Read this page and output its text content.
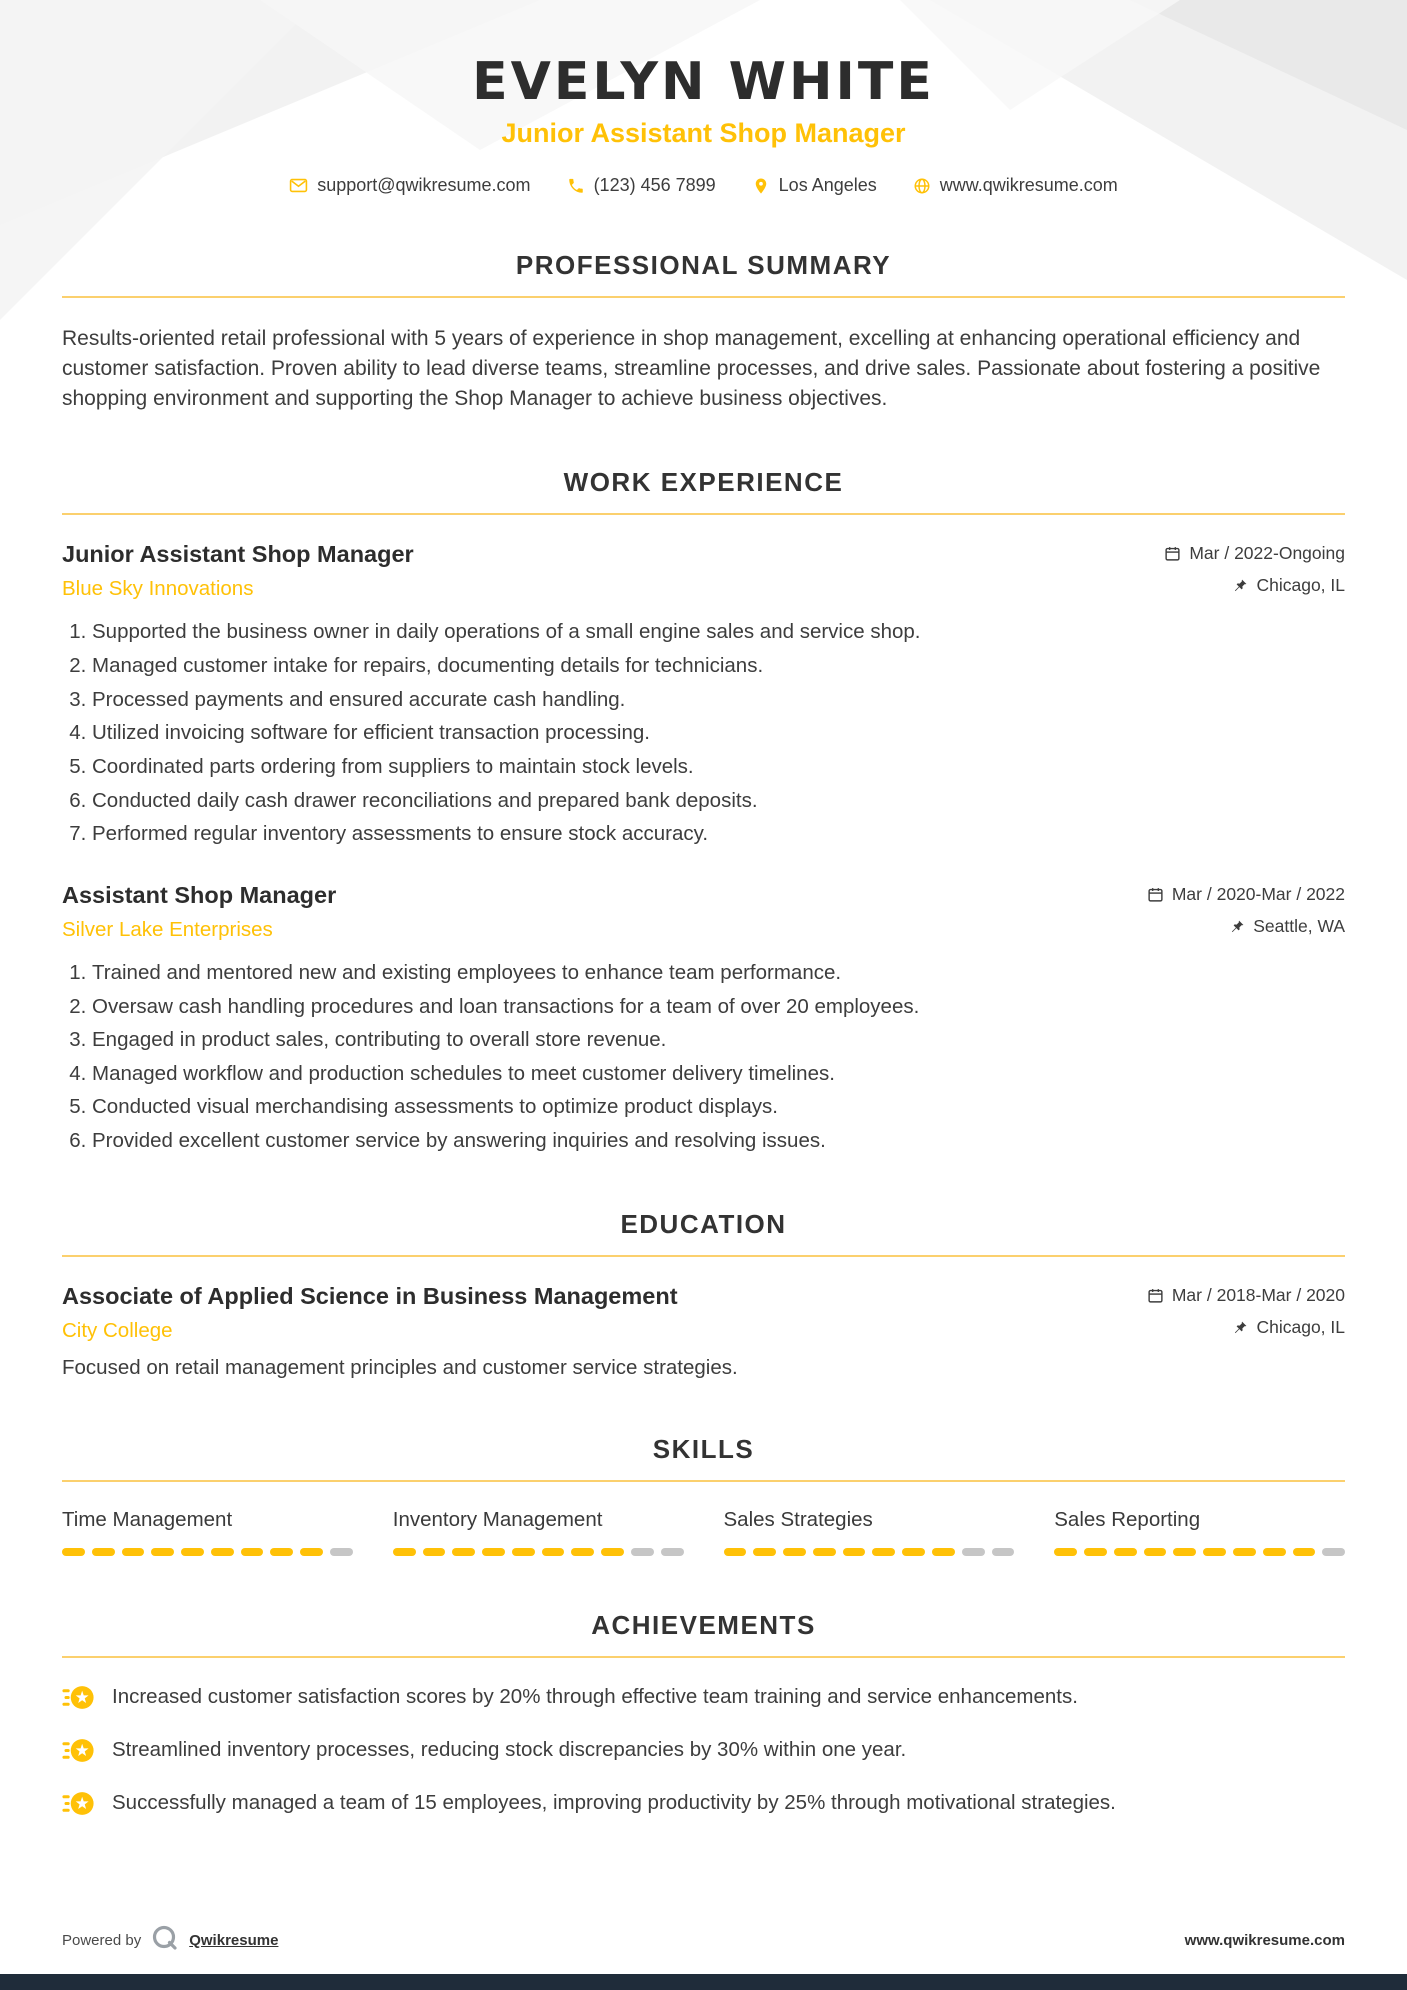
EVELYN WHITE
Junior Assistant Shop Manager
support@qwikresume.com	(123) 456 7899	Los Angeles	www.qwikresume.com
PROFESSIONAL SUMMARY

Results-oriented retail professional with 5 years of experience in shop management, excelling at enhancing operational efficiency and customer satisfaction. Proven ability to lead diverse teams, streamline processes, and drive sales. Passionate about fostering a positive shopping environment and supporting the Shop Manager to achieve business objectives.

WORK EXPERIENCE
Junior Assistant Shop Manager
Blue Sky Innovations
Mar / 2022-Ongoing
Chicago, IL
1. Supported the business owner in daily operations of a small engine sales and service shop.
2. Managed customer intake for repairs, documenting details for technicians.
3. Processed payments and ensured accurate cash handling.
4. Utilized invoicing software for efficient transaction processing.
5. Coordinated parts ordering from suppliers to maintain stock levels.
6. Conducted daily cash drawer reconciliations and prepared bank deposits.
7. Performed regular inventory assessments to ensure stock accuracy.
Assistant Shop Manager
Silver Lake Enterprises
Mar / 2020-Mar / 2022
Seattle, WA
1. Trained and mentored new and existing employees to enhance team performance.
2. Oversaw cash handling procedures and loan transactions for a team of over 20 employees.
3. Engaged in product sales, contributing to overall store revenue.
4. Managed workflow and production schedules to meet customer delivery timelines.
5. Conducted visual merchandising assessments to optimize product displays.
6. Provided excellent customer service by answering inquiries and resolving issues.
EDUCATION
Associate of Applied Science in Business Management
City College
Mar / 2018-Mar / 2020
Chicago, IL

Focused on retail management principles and customer service strategies.

SKILLS
Time Management	Inventory Management	Sales Strategies	Sales Reporting
ACHIEVEMENTS
Increased customer satisfaction scores by 20% through effective team training and service enhancements.
Streamlined inventory processes, reducing stock discrepancies by 30% within one year.
Successfully managed a team of 15 employees, improving productivity by 25% through motivational strategies.
Powered by	Qwikresume	www.qwikresume.com
